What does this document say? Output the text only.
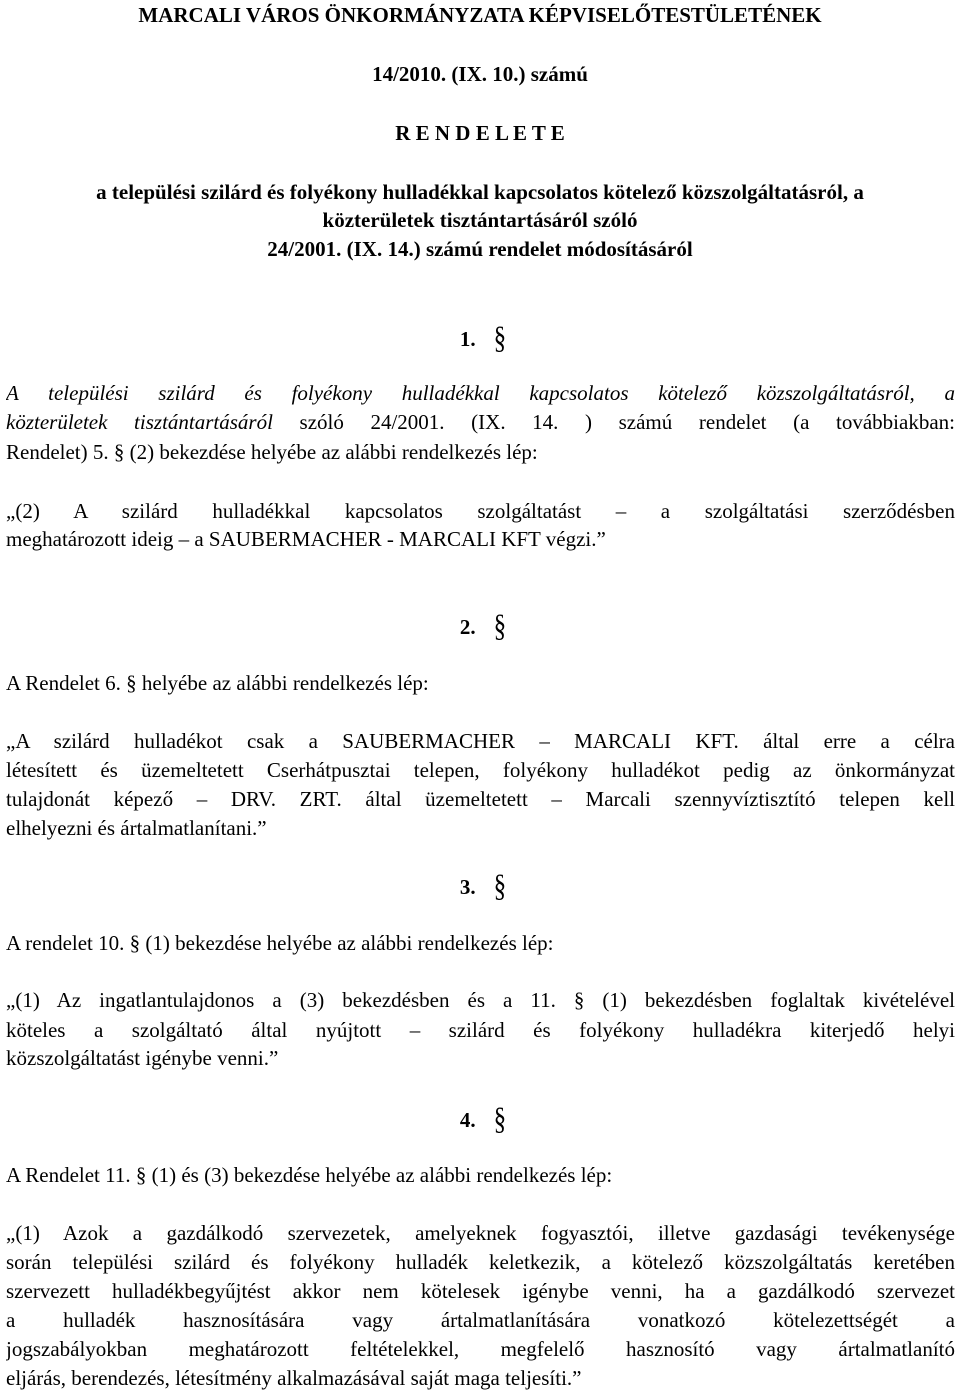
MARCALI VÁROS ÖNKORMÁNYZATA KÉPVISELŐTESTÜLETÉNEK
14/2010. (IX. 10.) számú
R E N D E L E T E
a települési szilárd és folyékony hulladékkal kapcsolatos kötelező közszolgáltatásról, a
közterületek tisztántartásáról szóló
24/2001. (IX. 14.) számú rendelet módosításáról
1. §
A települési szilárd és folyékony hulladékkal kapcsolatos kötelező közszolgáltatásról, a
közterületek tisztántartásáról szóló 24/2001. (IX. 14. ) számú rendelet (a továbbiakban:
Rendelet) 5. § (2) bekezdése helyébe az alábbi rendelkezés lép:
„(2) A szilárd hulladékkal kapcsolatos szolgáltatást – a szolgáltatási szerződésben
meghatározott ideig – a SAUBERMACHER - MARCALI KFT végzi.”
2. §
A Rendelet 6. § helyébe az alábbi rendelkezés lép:
„A szilárd hulladékot csak a SAUBERMACHER – MARCALI KFT. által erre a célra
létesített és üzemeltetett Cserhátpusztai telepen, folyékony hulladékot pedig az önkormányzat
tulajdonát képező – DRV. ZRT. által üzemeltetett – Marcali szennyvíztisztító telepen kell
elhelyezni és ártalmatlanítani.”
3. §
A rendelet 10. § (1) bekezdése helyébe az alábbi rendelkezés lép:
„(1) Az ingatlantulajdonos a (3) bekezdésben és a 11. § (1) bekezdésben foglaltak kivételével
köteles a szolgáltató által nyújtott – szilárd és folyékony hulladékra kiterjedő helyi
közszolgáltatást igénybe venni.”
4. §
A Rendelet 11. § (1) és (3) bekezdése helyébe az alábbi rendelkezés lép:
„(1) Azok a gazdálkodó szervezetek, amelyeknek fogyasztói, illetve gazdasági tevékenysége
során települési szilárd és folyékony hulladék keletkezik, a kötelező közszolgáltatás keretében
szervezett hulladékbegyűjtést akkor nem kötelesek igénybe venni, ha a gazdálkodó szervezet
a hulladék hasznosítására vagy ártalmatlanítására vonatkozó kötelezettségét a
jogszabályokban meghatározott feltételekkel, megfelelő hasznosító vagy ártalmatlanító
eljárás, berendezés, létesítmény alkalmazásával saját maga teljesíti.”
